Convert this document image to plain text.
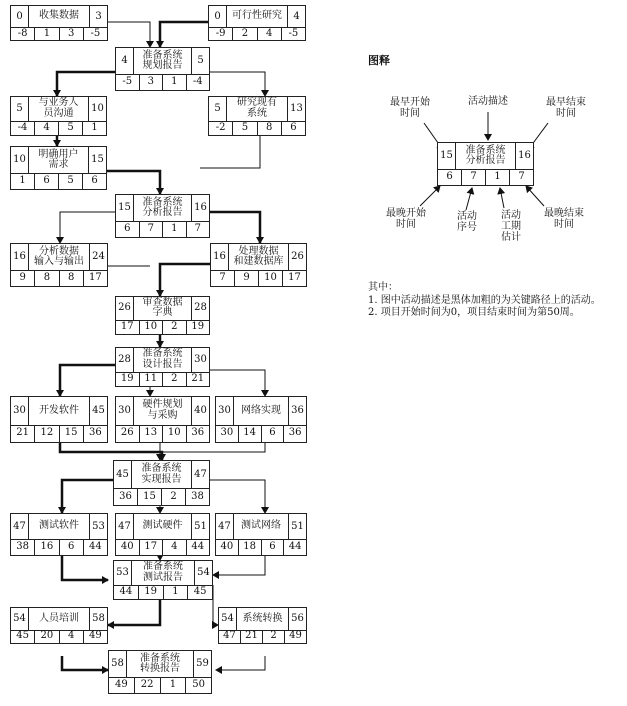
0	收集数据	3
-8	1	3	-5
0	可行性研究	4
-9	2	4	-5
4	准备系统
规划报告	5
-5	3	1	-4
5	与业务人
员沟通	10
-4	4	5	1
5	研究现有
系统	13
-2	5	8	6
10	明确用户
需求	15
1	6	5	6
15	准备系统
分析报告	16
6	7	1	7
16	分析数据
输入与输出 24
9	8	8	17
16	处理数据
和建数据库 26
7	9	10	17
26	审查数据
字典	28
17	10	2	19
28	准备系统
设计报告	30
19	11	2	21
30	开发软件	45
21	12	15	36
30	硬件规划
与采购	40
26	13	10	36
30	网络实现	36
30	14	6	36
45	准备系统
实现报告	47
36	15	2	38
47	测试软件	53
38	16	6	44
47	测试硬件	51
40	17	4	44
47	测试网络	51
40	18	6	44
53	准备系统
测试报告	54
44	19	1	45
54	人员培训	58
45	20	4	49
54 系统转换 56
47 21	2	49
58	准备系统
转换报告	59
49	22	1	50
图释
最早开始
时间
活动描述	最早结束
时间
15	准备系统
分析报告	16
6	7	1	7
最晚开始
时间
活动
序号
活动
工期
估计
最晚结束
时间
其中：
1. 图中活动描述是黑体加粗的为关键路径上的活动。
2. 项目开始时间为0，项目结束时间为第50周。
